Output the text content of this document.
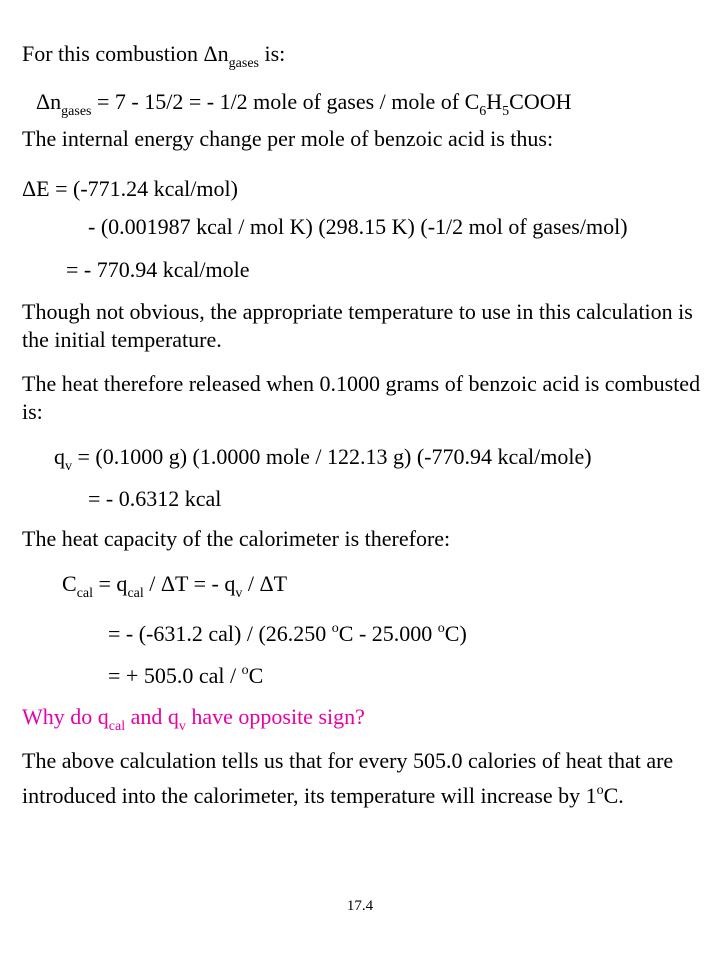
For this combustion $\Delta n_{gases}$ is:
$\Delta n_{gases} = 7 - 15/2$ = - 1/2 mole of gases / mole of $C_6H_5COOH$
The internal energy change per mole of benzoic acid is thus:
ΔE = (-771.24 kcal/mol)
- (0.001987 kcal / mol K) (298.15 K) (-1/2 mol of gases/mol)
= - 770.94 kcal/mole
Though not obvious, the appropriate temperature to use in this calculation is the initial temperature.
The heat therefore released when 0.1000 grams of benzoic acid is combusted is:
$q_v = (0.1000$ g) (1.0000 mole / 122.13 g) (-770.94 kcal/mole)
= - 0.6312 kcal
The heat capacity of the calorimeter is therefore:
$C_{cal} = q_{cal} / \Delta T$ = - $q_v$ / ΔT
= - (-631.2 cal) / (26.250 $^o$C - 25.000 $^o$C)
= + 505.0 cal / $^o$C
Why do $q_{cal}$ and $q_v$ have opposite sign?
The above calculation tells us that for every 505.0 calories of heat that are introduced into the calorimeter, its temperature will increase by 1$^o$C.
17.4
